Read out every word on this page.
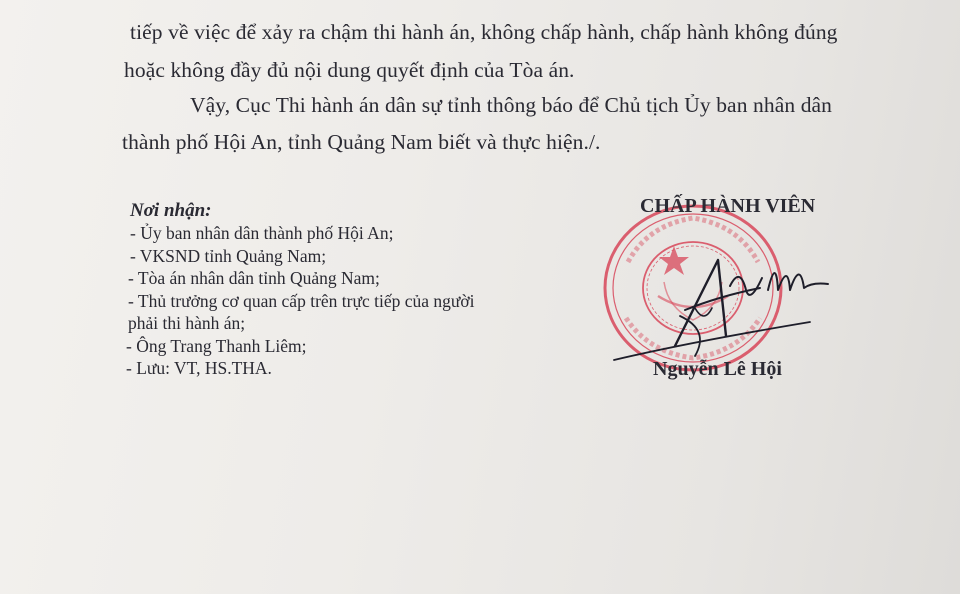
tiếp về việc để xảy ra chậm thi hành án, không chấp hành, chấp hành không đúng
hoặc không đầy đủ nội dung quyết định của Tòa án.
Vậy, Cục Thi hành án dân sự tỉnh thông báo để Chủ tịch Ủy ban nhân dân
thành phố Hội An, tỉnh Quảng Nam biết và thực hiện./.
Nơi nhận:
- Ủy ban nhân dân thành phố Hội An;
- VKSND tỉnh Quảng Nam;
- Tòa án nhân dân tỉnh Quảng Nam;
- Thủ trưởng cơ quan cấp trên trực tiếp của người
phải thi hành án;
- Ông Trang Thanh Liêm;
- Lưu: VT, HS.THA.
CHẤP HÀNH VIÊN
Nguyễn Lê Hội
